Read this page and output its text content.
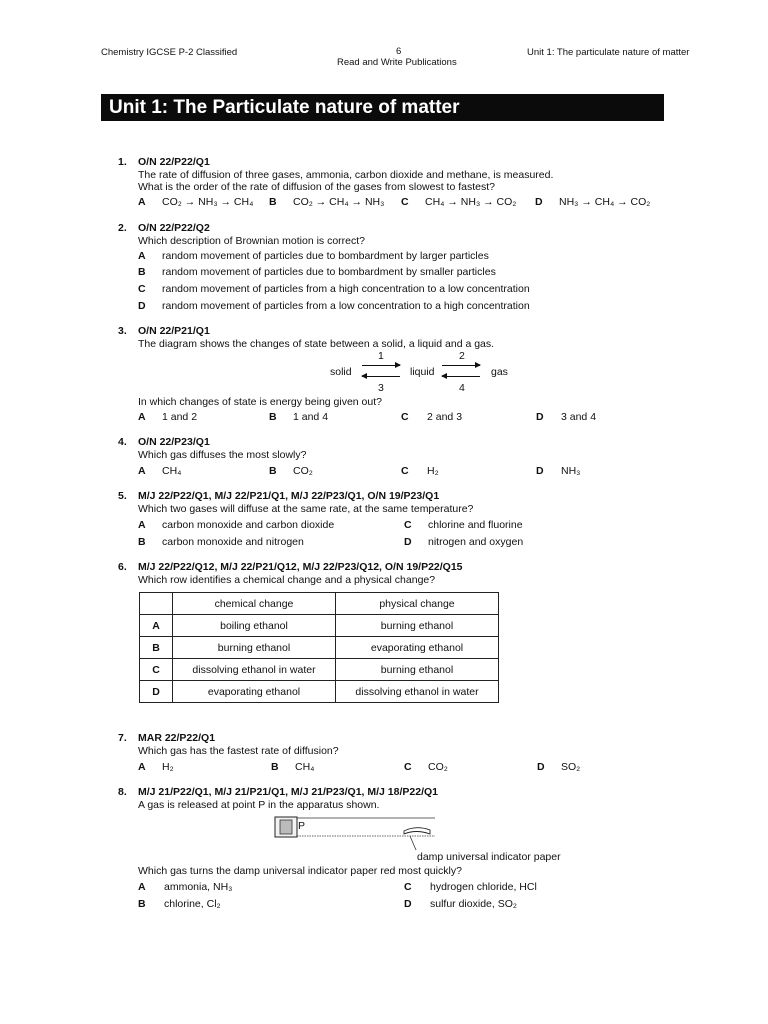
Chemistry IGCSE P-2 Classified	6
Read and Write Publications
Unit 1: The particulate nature of matter
Unit 1: The Particulate nature of matter
1. O/N 22/P22/Q1
The rate of diffusion of three gases, ammonia, carbon dioxide and methane, is measured.
What is the order of the rate of diffusion of the gases from slowest to fastest?
A CO₂ → NH₃ → CH₄ B CO₂ → CH₄ → NH₃ C CH₄ → NH₃ → CO₂ D NH₃ → CH₄ → CO₂
2. O/N 22/P22/Q2
Which description of Brownian motion is correct?
A random movement of particles due to bombardment by larger particles
B random movement of particles due to bombardment by smaller particles
C random movement of particles from a high concentration to a low concentration
D random movement of particles from a low concentration to a high concentration
3. O/N 22/P21/Q1
The diagram shows the changes of state between a solid, a liquid and a gas.
1	2
solid	liquid	gas
3	4
In which changes of state is energy being given out?
A 1 and 2	B 1 and 4	C 2 and 3	D 3 and 4
4. O/N 22/P23/Q1
Which gas diffuses the most slowly?
A CH₄	B CO₂	C H₂	D NH₃
5. M/J 22/P22/Q1, M/J 22/P21/Q1, M/J 22/P23/Q1, O/N 19/P23/Q1
Which two gases will diffuse at the same rate, at the same temperature?
A carbon monoxide and carbon dioxide
B carbon monoxide and nitrogen
C chlorine and fluorine
D nitrogen and oxygen
6. M/J 22/P22/Q12, M/J 22/P21/Q12, M/J 22/P23/Q12, O/N 19/P22/Q15
Which row identifies a chemical change and a physical change?
	chemical change	physical change
A	boiling ethanol	burning ethanol
B	burning ethanol	evaporating ethanol
C	dissolving ethanol in water	burning ethanol
D	evaporating ethanol	dissolving ethanol in water
7. MAR 22/P22/Q1
Which gas has the fastest rate of diffusion?
A H₂	B CH₄	C CO₂	D SO₂
8. M/J 21/P22/Q1, M/J 21/P21/Q1, M/J 21/P23/Q1, M/J 18/P22/Q1
A gas is released at point P in the apparatus shown.
P
damp universal indicator paper
Which gas turns the damp universal indicator paper red most quickly?
A ammonia, NH₃
B chlorine, Cl₂
C hydrogen chloride, HCl
D sulfur dioxide, SO₂
